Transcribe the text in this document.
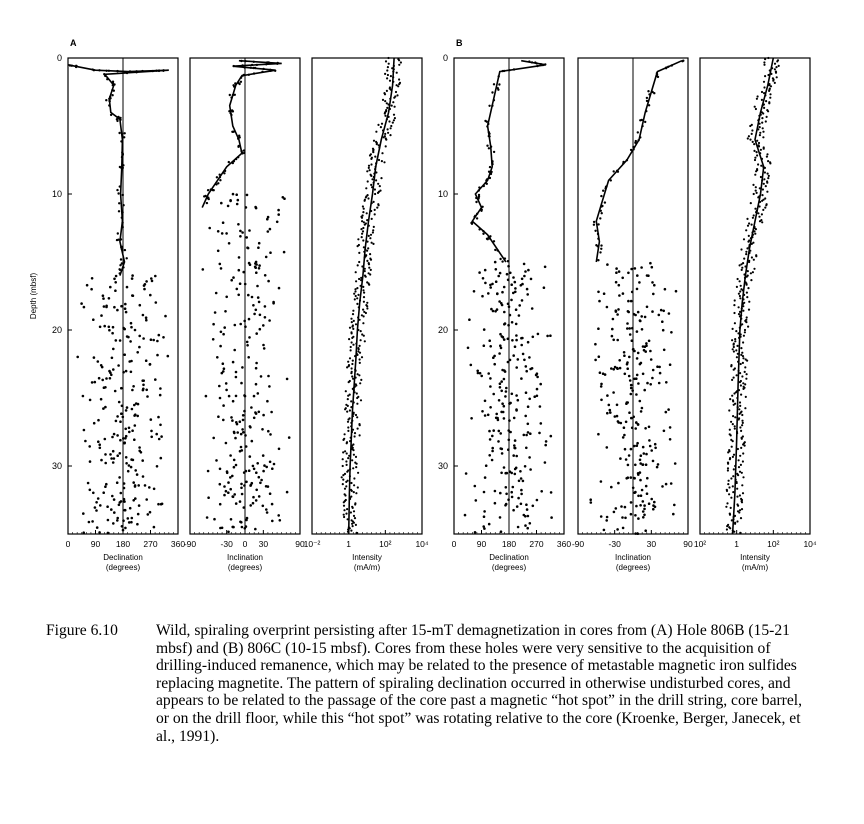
A
0
10
20
30
Depth (mbsf)
0 90 180 270 360
Declination
(degrees)
-90	-30 0 30	90
Inclination
(degrees)
10⁻²	1	10²	10⁴
Intensity
(mA/m)
B
0
10
20
30
0 90 180 270 360
Declination
(degrees)
-90	-30	30	90
Inclination
(degrees)
10²	1	10²	10⁴
Intensity
(mA/m)
Figure 6.10	Wild, spiraling overprint persisting after 15-mT demagnetization in cores from (A) Hole 806B (15-21 mbsf) and (B) 806C (10-15 mbsf). Cores from these holes were very sensitive to the acquisition of drilling-induced remanence, which may be related to the presence of metastable magnetic iron sulfides replacing magnetite. The pattern of spiraling declination occurred in otherwise undisturbed cores, and appears to be related to the passage of the core past a magnetic “hot spot” in the drill string, core barrel, or on the drill floor, while this “hot spot” was rotating relative to the core (Kroenke, Berger, Janecek, et al., 1991).
